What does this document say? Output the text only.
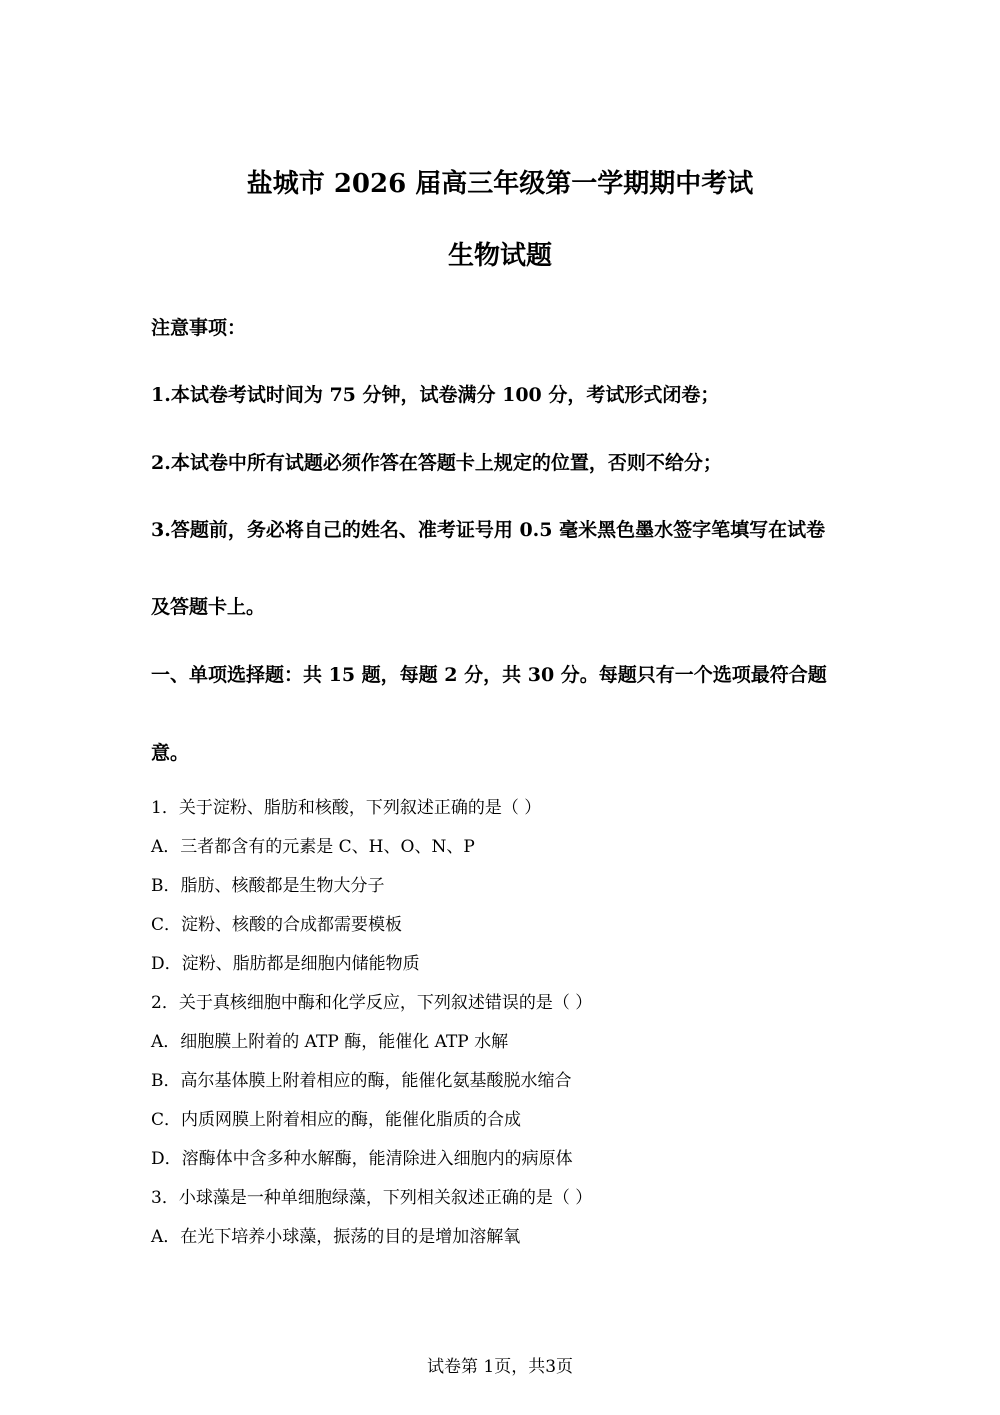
盐城市 2026 届高三年级第一学期期中考试
生物试题

注意事项：

1.本试卷考试时间为 75 分钟，试卷满分 100 分，考试形式闭卷；

2.本试卷中所有试题必须作答在答题卡上规定的位置，否则不给分；

3.答题前，务必将自己的姓名、准考证号用 0.5 毫米黑色墨水签字笔填写在试卷

及答题卡上。

一、单项选择题：共 15 题，每题 2 分，共 30 分。每题只有一个选项最符合题

意。

1．关于淀粉、脂肪和核酸，下列叙述正确的是（ ）

A．三者都含有的元素是 C、H、O、N、P

B．脂肪、核酸都是生物大分子

C．淀粉、核酸的合成都需要模板

D．淀粉、脂肪都是细胞内储能物质

2．关于真核细胞中酶和化学反应，下列叙述错误的是（ ）

A．细胞膜上附着的 ATP 酶，能催化 ATP 水解

B．高尔基体膜上附着相应的酶，能催化氨基酸脱水缩合

C．内质网膜上附着相应的酶，能催化脂质的合成

D．溶酶体中含多种水解酶，能清除进入细胞内的病原体

3．小球藻是一种单细胞绿藻，下列相关叙述正确的是（ ）

A．在光下培养小球藻，振荡的目的是增加溶解氧

试卷第 1页，共3页
